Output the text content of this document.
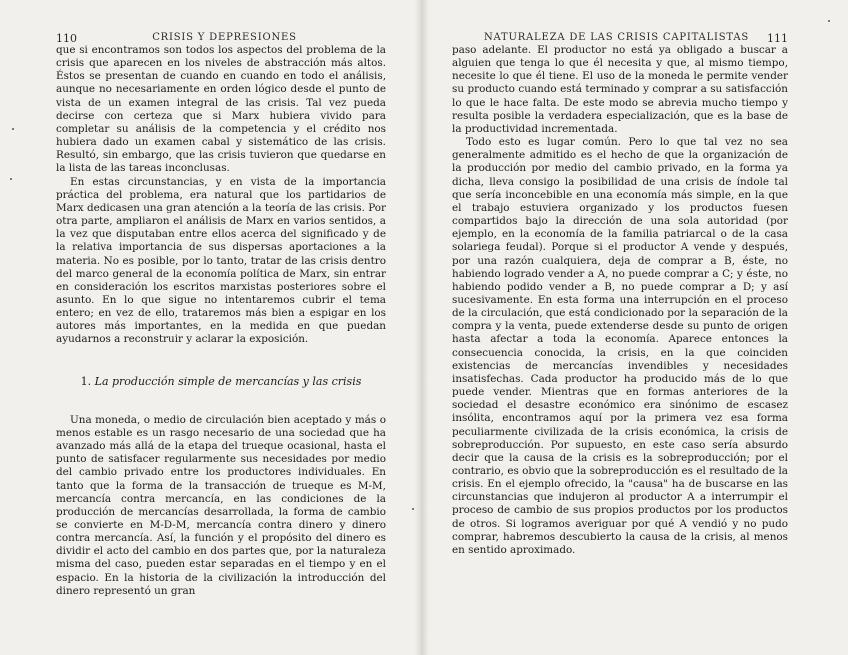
110	CRISIS Y DEPRESIONES

que si encontramos son todos los aspectos del problema de la crisis que aparecen en los niveles de abstracción más altos. Éstos se presentan de cuando en cuando en todo el análisis, aunque no necesariamente en orden lógico desde el punto de vista de un examen integral de las crisis. Tal vez pueda decirse con certeza que si Marx hubiera vivido para completar su análisis de la competencia y el crédito nos hubiera dado un examen cabal y sistemático de las crisis. Resultó, sin embargo, que las crisis tuvieron que quedarse en la lista de las tareas inconclusas.

En estas circunstancias, y en vista de la importancia práctica del problema, era natural que los partidarios de Marx dedicasen una gran atención a la teoría de las crisis. Por otra parte, ampliaron el análisis de Marx en varios sentidos, a la vez que disputaban entre ellos acerca del significado y de la relativa importancia de sus dispersas aportaciones a la materia. No es posible, por lo tanto, tratar de las crisis dentro del marco general de la economía política de Marx, sin entrar en consideración los escritos marxistas posteriores sobre el asunto. En lo que sigue no intentaremos cubrir el tema entero; en vez de ello, trataremos más bien a espigar en los autores más importantes, en la medida en que puedan ayudarnos a reconstruir y aclarar la exposición.

1. La producción simple de mercancías y las crisis

Una moneda, o medio de circulación bien aceptado y más o menos estable es un rasgo necesario de una sociedad que ha avanzado más allá de la etapa del trueque ocasional, hasta el punto de satisfacer regularmente sus necesidades por medio del cambio privado entre los productores individuales. En tanto que la forma de la transacción de trueque es M-M, mercancía contra mercancía, en las condiciones de la producción de mercancías desarrollada, la forma de cambio se convierte en M-D-M, mercancía contra dinero y dinero contra mercancía. Así, la función y el propósito del dinero es dividir el acto del cambio en dos partes que, por la naturaleza misma del caso, pueden estar separadas en el tiempo y en el espacio. En la historia de la civilización la introducción del dinero representó un gran

NATURALEZA DE LAS CRISIS CAPITALISTAS 111

paso adelante. El productor no está ya obligado a buscar a alguien que tenga lo que él necesita y que, al mismo tiempo, necesite lo que él tiene. El uso de la moneda le permite vender su producto cuando está terminado y comprar a su satisfacción lo que le hace falta. De este modo se abrevia mucho tiempo y resulta posible la verdadera especialización, que es la base de la productividad incrementada.

Todo esto es lugar común. Pero lo que tal vez no sea generalmente admitido es el hecho de que la organización de la producción por medio del cambio privado, en la forma ya dicha, lleva consigo la posibilidad de una crisis de índole tal que sería inconcebible en una economía más simple, en la que el trabajo estuviera organizado y los productos fuesen compartidos bajo la dirección de una sola autoridad (por ejemplo, en la economía de la familia patriarcal o de la casa solariega feudal). Porque si el productor A vende y después, por una razón cualquiera, deja de comprar a B, éste, no habiendo logrado vender a A, no puede comprar a C; y éste, no habiendo podido vender a B, no puede comprar a D; y así sucesivamente. En esta forma una interrupción en el proceso de la circulación, que está condicionado por la separación de la compra y la venta, puede extenderse desde su punto de origen hasta afectar a toda la economía. Aparece entonces la consecuencia conocida, la crisis, en la que coinciden existencias de mercancías invendibles y necesidades insatisfechas. Cada productor ha producido más de lo que puede vender. Mientras que en formas anteriores de la sociedad el desastre económico era sinónimo de escasez insólita, encontramos aquí por la primera vez esa forma peculiarmente civilizada de la crisis económica, la crisis de sobreproducción. Por supuesto, en este caso sería absurdo decir que la causa de la crisis es la sobreproducción; por el contrario, es obvio que la sobreproducción es el resultado de la crisis. En el ejemplo ofrecido, la "causa" ha de buscarse en las circunstancias que indujeron al productor A a interrumpir el proceso de cambio de sus propios productos por los productos de otros. Si logramos averiguar por qué A vendió y no pudo comprar, habremos descubierto la causa de la crisis, al menos en sentido aproximado.
